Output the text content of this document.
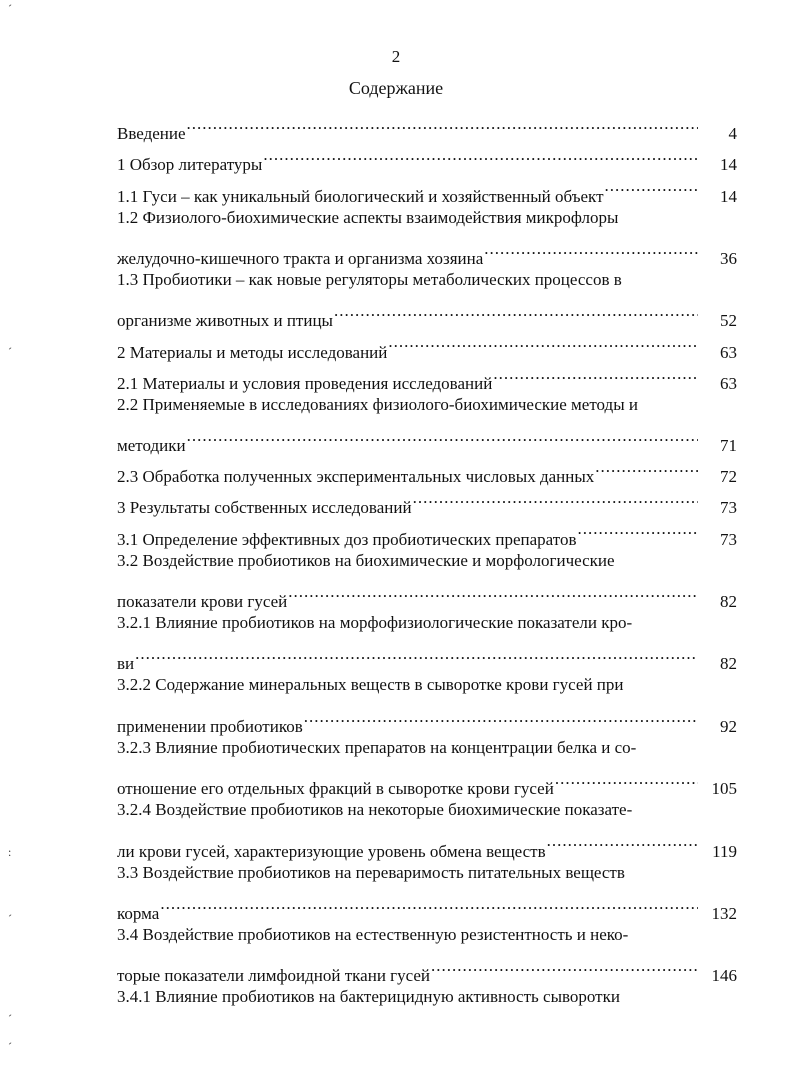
2
Содержание
Введение .....	4
1 Обзор литературы .....	14
1.1 Гуси – как уникальный биологический и хозяйственный объект .....	14
1.2 Физиолого-биохимические аспекты взаимодействия микрофлоры
желудочно-кишечного тракта и организма хозяина .....	36
1.3 Пробиотики – как новые регуляторы метаболических процессов в
организме животных и птицы .....	52
2 Материалы и методы исследований .....	63
2.1 Материалы и условия проведения исследований .....	63
2.2 Применяемые в исследованиях физиолого-биохимические методы и
методики .....	71
2.3 Обработка полученных экспериментальных числовых данных .....	72
3 Результаты собственных исследований .....	73
3.1 Определение эффективных доз пробиотических препаратов .....	73
3.2 Воздействие пробиотиков на биохимические и морфологические
показатели крови гусей .....	82
3.2.1 Влияние пробиотиков на морфофизиологические показатели кро-
ви .....	82
3.2.2 Содержание минеральных веществ в сыворотке крови гусей при
применении пробиотиков .....	92
3.2.3 Влияние пробиотических препаратов на концентрации белка и со-
отношение его отдельных фракций в сыворотке крови гусей .....	105
3.2.4 Воздействие пробиотиков на некоторые биохимические показате-
ли крови гусей, характеризующие уровень обмена веществ .....	119
3.3 Воздействие пробиотиков на переваримость питательных веществ
корма .....	132
3.4 Воздействие пробиотиков на естественную резистентность и неко-
торые показатели лимфоидной ткани гусей .....	146
3.4.1 Влияние пробиотиков на бактерицидную активность сыворотки
ˊ
ˊ
:
ˊ
ˊ
ˊ
